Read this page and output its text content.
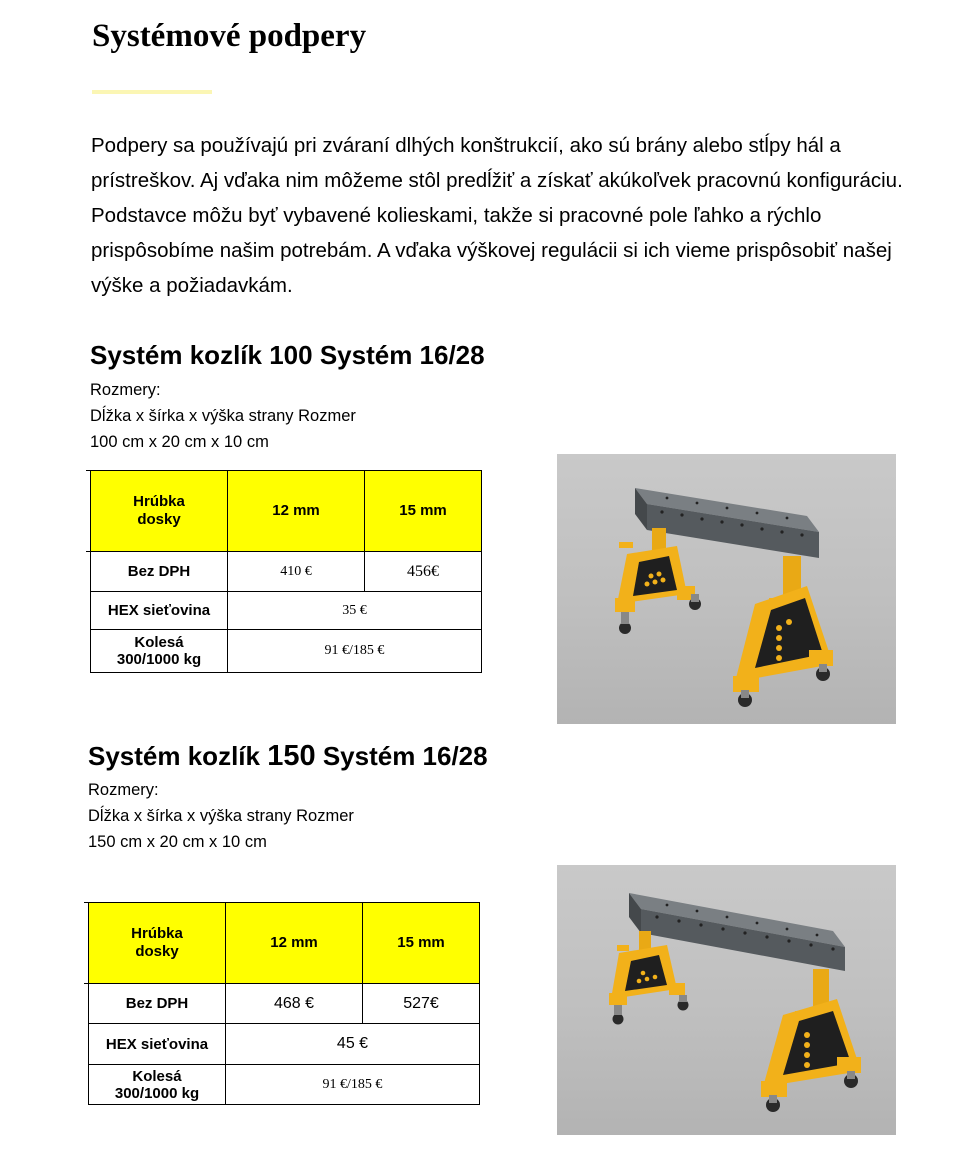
Systémové podpery

Podpery sa používajú pri zváraní dlhých konštrukcií, ako sú brány alebo stĺpy hál a prístreškov. Aj vďaka nim môžeme stôl predĺžiť a získať akúkoľvek pracovnú konfiguráciu. Podstavce môžu byť vybavené kolieskami, takže si pracovné pole ľahko a rýchlo prispôsobíme našim potrebám. A vďaka výškovej regulácii si ich vieme prispôsobiť našej výške a požiadavkám.

Systém kozlík 100 Systém 16/28
Rozmery:
Dĺžka x šírka x výška strany Rozmer
100 cm x 20 cm x 10 cm
Hrúbka dosky	12 mm	15 mm
Bez DPH	410 €	456€
HEX sieťovina	35 €	
Kolesá 300/1000 kg	91 €/185 €	
Systém kozlík 150 Systém 16/28
Rozmery:
Dĺžka x šírka x výška strany Rozmer
150 cm x 20 cm x 10 cm
Hrúbka dosky	12 mm	15 mm
Bez DPH	468 €	527€
HEX sieťovina	45 €	
Kolesá 300/1000 kg	91 €/185 €	
